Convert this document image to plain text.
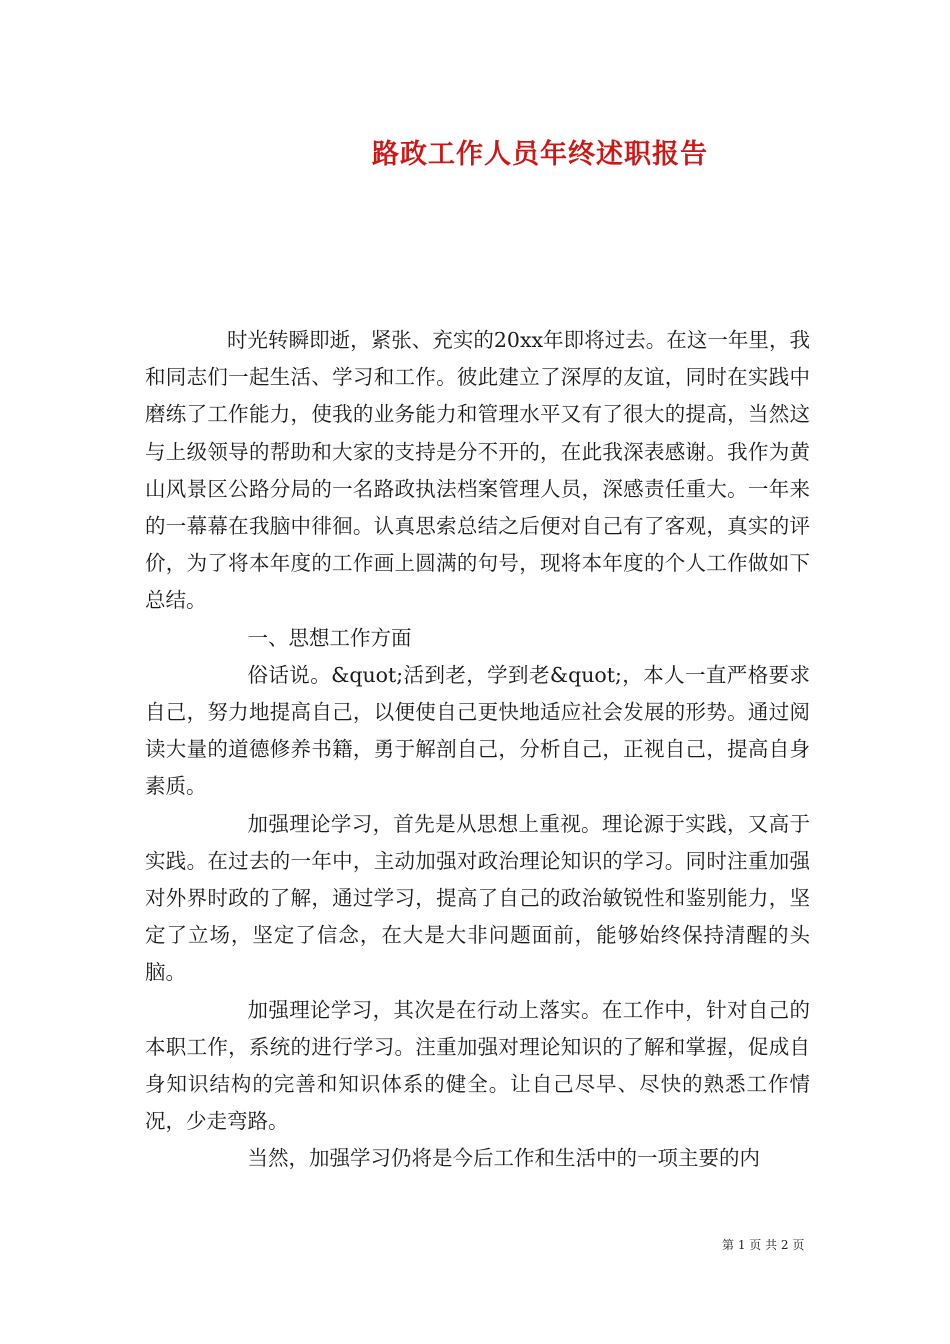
路政工作人员年终述职报告

时光转瞬即逝，紧张、充实的20xx年即将过去。在这一年里，我和同志们一起生活、学习和工作。彼此建立了深厚的友谊，同时在实践中磨练了工作能力，使我的业务能力和管理水平又有了很大的提高，当然这与上级领导的帮助和大家的支持是分不开的，在此我深表感谢。我作为黄山风景区公路分局的一名路政执法档案管理人员，深感责任重大。一年来的一幕幕在我脑中徘徊。认真思索总结之后便对自己有了客观，真实的评价，为了将本年度的工作画上圆满的句号，现将本年度的个人工作做如下总结。

一、思想工作方面

俗话说。&quot;活到老，学到老&quot;，本人一直严格要求自己，努力地提高自己，以便使自己更快地适应社会发展的形势。通过阅读大量的道德修养书籍，勇于解剖自己，分析自己，正视自己，提高自身素质。

加强理论学习，首先是从思想上重视。理论源于实践，又高于实践。在过去的一年中，主动加强对政治理论知识的学习。同时注重加强对外界时政的了解，通过学习，提高了自己的政治敏锐性和鉴别能力，坚定了立场，坚定了信念，在大是大非问题面前，能够始终保持清醒的头脑。

加强理论学习，其次是在行动上落实。在工作中，针对自己的本职工作，系统的进行学习。注重加强对理论知识的了解和掌握，促成自身知识结构的完善和知识体系的健全。让自己尽早、尽快的熟悉工作情况，少走弯路。

当然，加强学习仍将是今后工作和生活中的一项主要的内

第 1 页 共 2 页
